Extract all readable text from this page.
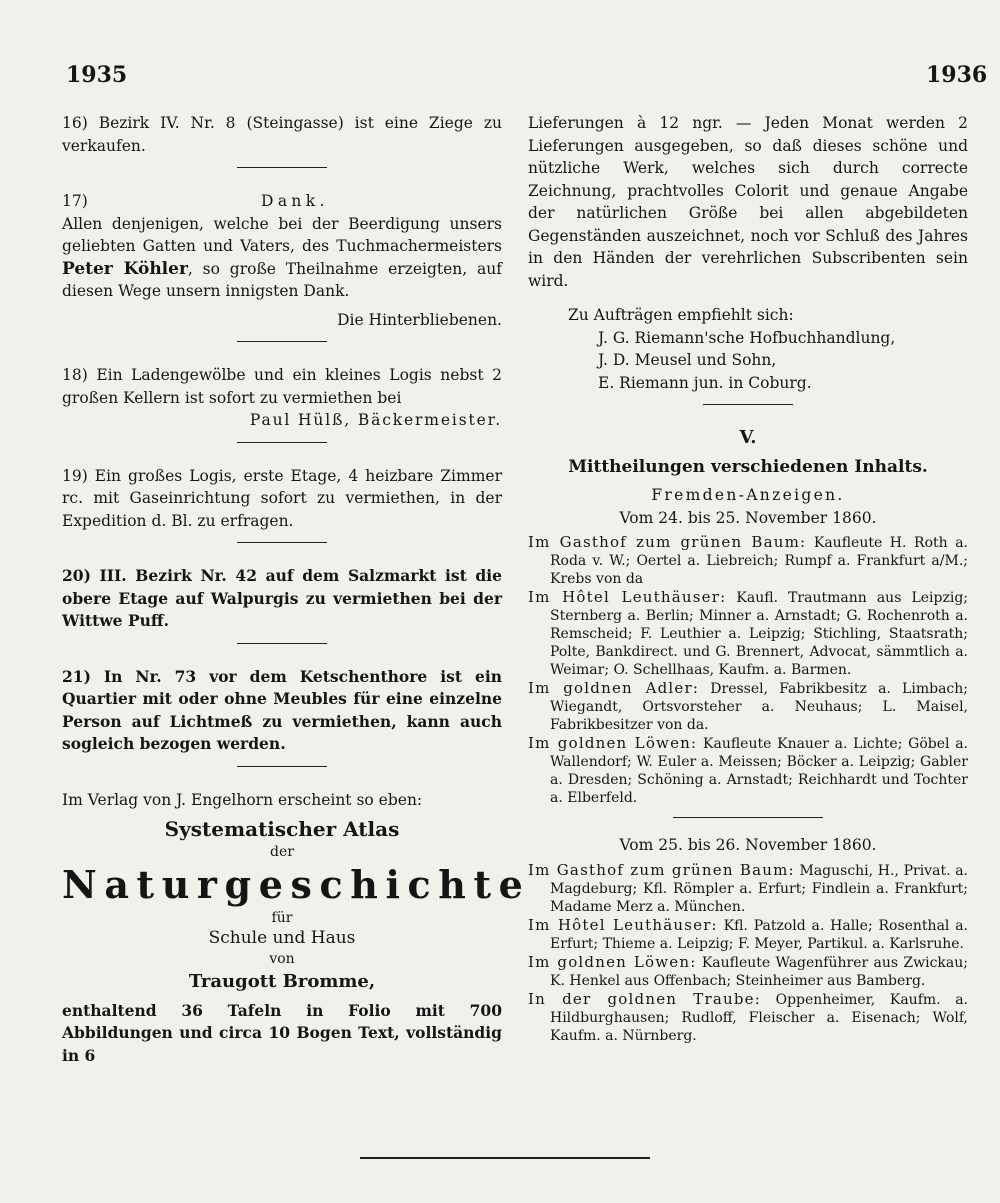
1935	1936

16) Bezirk IV. Nr. 8 (Steingasse) ist eine Ziege zu verkaufen.

17)	Dank.

Allen denjenigen, welche bei der Beerdigung unsers geliebten Gatten und Vaters, des Tuchmachermeisters Peter Köhler, so große Theilnahme erzeigten, auf diesen Wege unsern innigsten Dank.

Die Hinterbliebenen.

18) Ein Ladengewölbe und ein kleines Logis nebst 2 großen Kellern ist sofort zu vermiethen bei

Paul Hülß, Bäckermeister.

19) Ein großes Logis, erste Etage, 4 heizbare Zimmer rc. mit Gaseinrichtung sofort zu vermiethen, in der Expedition d. Bl. zu erfragen.

20) III. Bezirk Nr. 42 auf dem Salzmarkt ist die obere Etage auf Walpurgis zu vermiethen bei der Wittwe Puff.

21) In Nr. 73 vor dem Ketschenthore ist ein Quartier mit oder ohne Meubles für eine einzelne Person auf Lichtmeß zu vermiethen, kann auch sogleich bezogen werden.

Im Verlag von J. Engelhorn erscheint so eben:

Systematischer Atlas

der

Naturgeschichte

für

Schule und Haus

von

Traugott Bromme,

enthaltend 36 Tafeln in Folio mit 700 Abbildungen und circa 10 Bogen Text, vollständig in 6

Lieferungen à 12 ngr. — Jeden Monat werden 2 Lieferungen ausgegeben, so daß dieses schöne und nützliche Werk, welches sich durch correcte Zeichnung, prachtvolles Colorit und genaue Angabe der natürlichen Größe bei allen abgebildeten Gegenständen auszeichnet, noch vor Schluß des Jahres in den Händen der verehrlichen Subscribenten sein wird.

Zu Aufträgen empfiehlt sich:

J. G. Riemann'sche Hofbuchhandlung,

J. D. Meusel und Sohn,

E. Riemann jun. in Coburg.

V.

Mittheilungen verschiedenen Inhalts.

Fremden-Anzeigen.

Vom 24. bis 25. November 1860.

Im Gasthof zum grünen Baum: Kaufleute H. Roth a. Roda v. W.; Oertel a. Liebreich; Rumpf a. Frankfurt a/M.; Krebs von da

Im Hôtel Leuthäuser: Kaufl. Trautmann aus Leipzig; Sternberg a. Berlin; Minner a. Arnstadt; G. Rochenroth a. Remscheid; F. Leuthier a. Leipzig; Stichling, Staatsrath; Polte, Bankdirect. und G. Brennert, Advocat, sämmtlich a. Weimar; O. Schellhaas, Kaufm. a. Barmen.

Im goldnen Adler: Dressel, Fabrikbesitz a. Limbach; Wiegandt, Ortsvorsteher a. Neuhaus; L. Maisel, Fabrikbesitzer von da.

Im goldnen Löwen: Kaufleute Knauer a. Lichte; Göbel a. Wallendorf; W. Euler a. Meissen; Böcker a. Leipzig; Gabler a. Dresden; Schöning a. Arnstadt; Reichhardt und Tochter a. Elberfeld.

Vom 25. bis 26. November 1860.

Im Gasthof zum grünen Baum: Maguschi, H., Privat. a. Magdeburg; Kfl. Römpler a. Erfurt; Findlein a. Frankfurt; Madame Merz a. München.

Im Hôtel Leuthäuser: Kfl. Patzold a. Halle; Rosenthal a. Erfurt; Thieme a. Leipzig; F. Meyer, Partikul. a. Karlsruhe.

Im goldnen Löwen: Kaufleute Wagenführer aus Zwickau; K. Henkel aus Offenbach; Steinheimer aus Bamberg.

In der goldnen Traube: Oppenheimer, Kaufm. a. Hildburghausen; Rudloff, Fleischer a. Eisenach; Wolf, Kaufm. a. Nürnberg.
